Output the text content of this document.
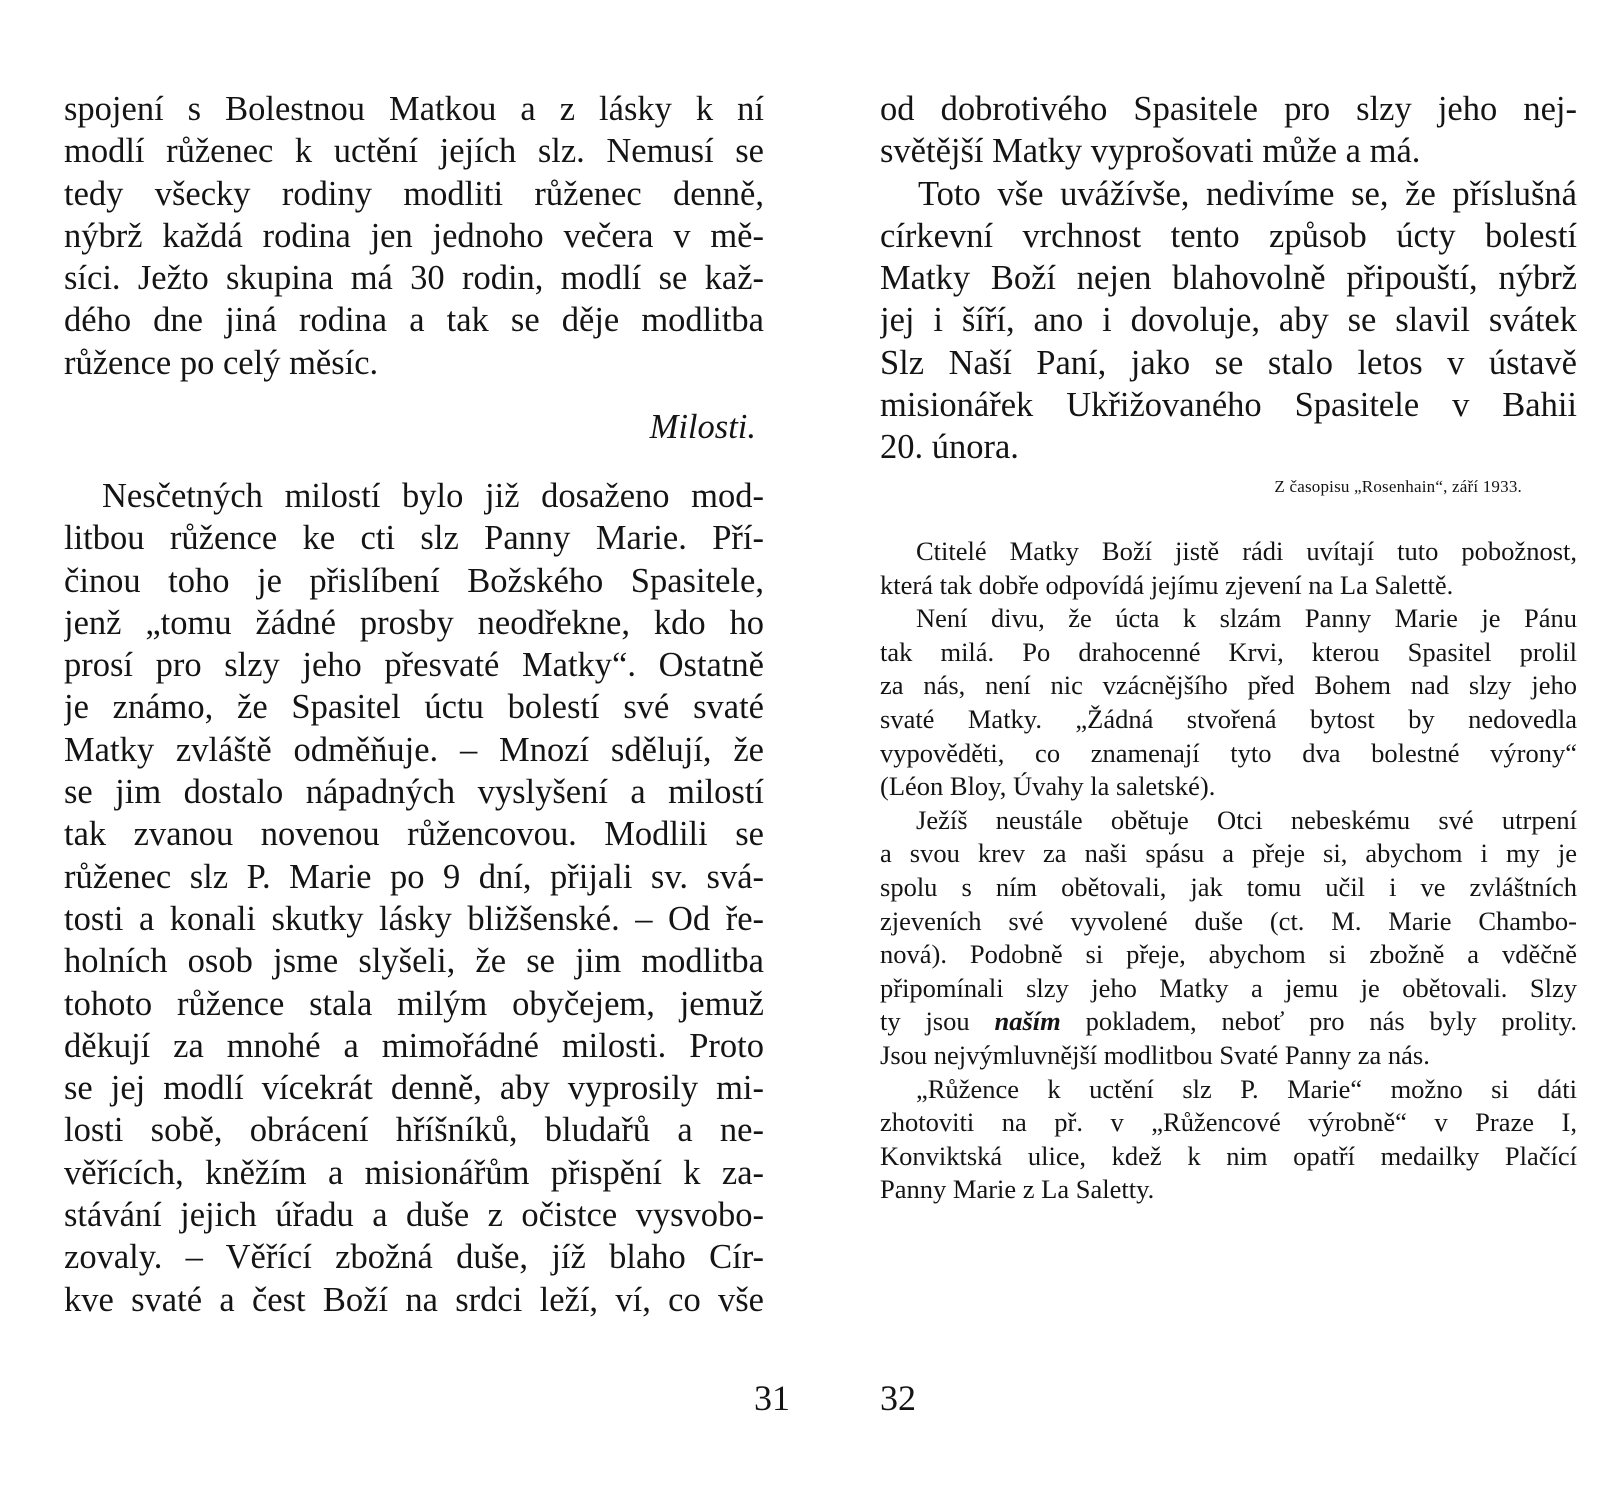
spojení s Bolestnou Matkou a z lásky k ní
modlí růženec k uctění jejích slz. Nemusí se
tedy všecky rodiny modliti růženec denně,
nýbrž každá rodina jen jednoho večera v mě-
síci. Ježto skupina má 30 rodin, modlí se kaž-
dého dne jiná rodina a tak se děje modlitba
růžence po celý měsíc.
Milosti.
Nesčetných milostí bylo již dosaženo mod-
litbou růžence ke cti slz Panny Marie. Pří-
činou toho je přislíbení Božského Spasitele,
jenž „tomu žádné prosby neodřekne, kdo ho
prosí pro slzy jeho přesvaté Matky“. Ostatně
je známo, že Spasitel úctu bolestí své svaté
Matky zvláště odměňuje. – Mnozí sdělují, že
se jim dostalo nápadných vyslyšení a milostí
tak zvanou novenou růžencovou. Modlili se
růženec slz P. Marie po 9 dní, přijali sv. svá-
tosti a konali skutky lásky bližšenské. – Od ře-
holních osob jsme slyšeli, že se jim modlitba
tohoto růžence stala milým obyčejem, jemuž
děkují za mnohé a mimořádné milosti. Proto
se jej modlí vícekrát denně, aby vyprosily mi-
losti sobě, obrácení hříšníků, bludařů a ne-
věřících, kněžím a misionářům přispění k za-
stávání jejich úřadu a duše z očistce vysvobo-
zovaly. – Věřící zbožná duše, jíž blaho Cír-
kve svaté a čest Boží na srdci leží, ví, co vše
31
od dobrotivého Spasitele pro slzy jeho nej-
světější Matky vyprošovati může a má.
Toto vše uvážívše, nedivíme se, že příslušná
církevní vrchnost tento způsob úcty bolestí
Matky Boží nejen blahovolně připouští, nýbrž
jej i šíří, ano i dovoluje, aby se slavil svátek
Slz Naší Paní, jako se stalo letos v ústavě
misionářek Ukřižovaného Spasitele v Bahii
20. února.
Z časopisu „Rosenhain“, září 1933.
Ctitelé Matky Boží jistě rádi uvítají tuto pobožnost,
která tak dobře odpovídá jejímu zjevení na La Salettě.
Není divu, že úcta k slzám Panny Marie je Pánu
tak milá. Po drahocenné Krvi, kterou Spasitel prolil
za nás, není nic vzácnějšího před Bohem nad slzy jeho
svaté Matky. „Žádná stvořená bytost by nedovedla
vypověděti, co znamenají tyto dva bolestné výrony“
(Léon Bloy, Úvahy la saletské).
Ježíš neustále obětuje Otci nebeskému své utrpení
a svou krev za naši spásu a přeje si, abychom i my je
spolu s ním obětovali, jak tomu učil i ve zvláštních
zjeveních své vyvolené duše (ct. M. Marie Chambo-
nová). Podobně si přeje, abychom si zbožně a vděčně
připomínali slzy jeho Matky a jemu je obětovali. Slzy
ty jsou naším pokladem, neboť pro nás byly prolity.
Jsou nejvýmluvnější modlitbou Svaté Panny za nás.
„Růžence k uctění slz P. Marie“ možno si dáti
zhotoviti na př. v „Růžencové výrobně“ v Praze I,
Konviktská ulice, kdež k nim opatří medailky Plačící
Panny Marie z La Saletty.
32
